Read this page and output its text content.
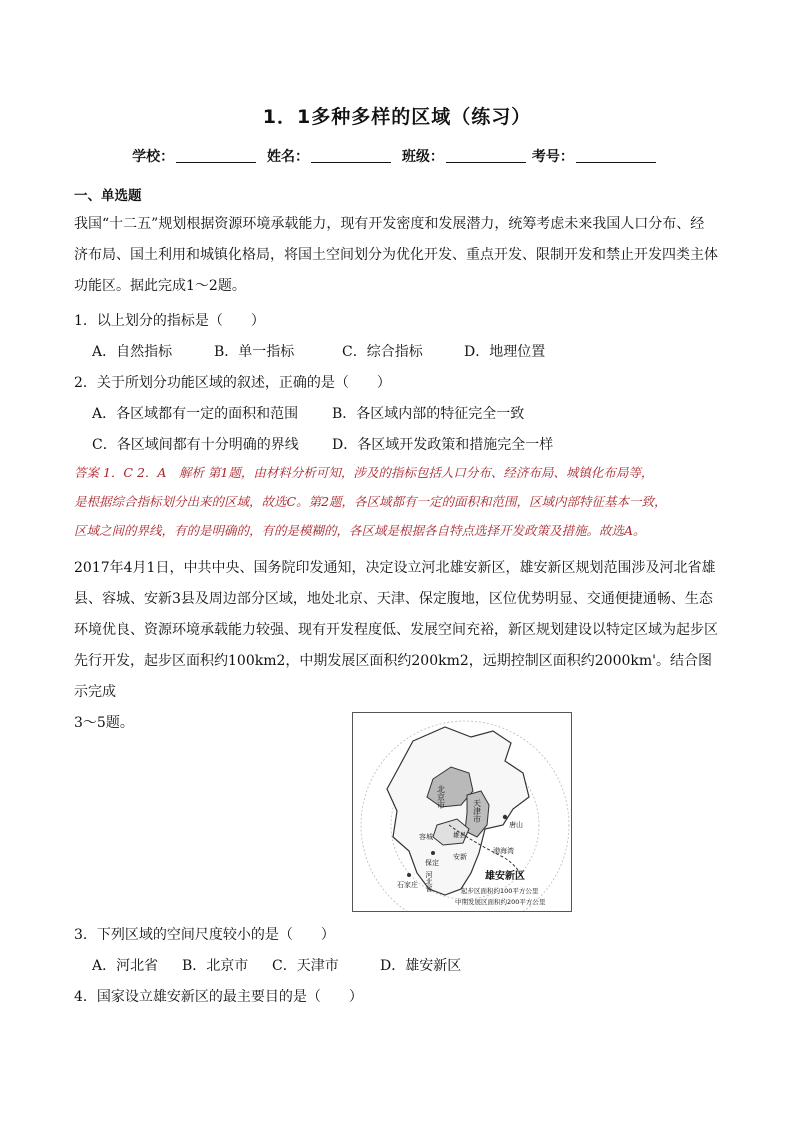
1．1多种多样的区域（练习）
学校：	姓名：	班级：	考号：
一、单选题
我国“十二五”规划根据资源环境承载能力，现有开发密度和发展潜力，统筹考虑未来我国人口分布、经
济布局、国土利用和城镇化格局，将国土空间划分为优化开发、重点开发、限制开发和禁止开发四类主体
功能区。据此完成1～2题。
1．以上划分的指标是（　　）
A．自然指标	B．单一指标	C．综合指标	D．地理位置
2．关于所划分功能区域的叙述，正确的是（　　）
A．各区域都有一定的面积和范围 B．各区域内部的特征完全一致
C．各区域间都有十分明确的界线 D．各区域开发政策和措施完全一样
答案 1．C 2．A　解析 第1题，由材料分析可知，涉及的指标包括人口分布、经济布局、城镇化布局等，
是根据综合指标划分出来的区域，故选C。第2题，各区域都有一定的面积和范围，区域内部特征基本一致，
区域之间的界线，有的是明确的，有的是模糊的，各区域是根据各自特点选择开发政策及措施。故选A。
2017年4月1日，中共中央、国务院印发通知，决定设立河北雄安新区，雄安新区规划范围涉及河北省雄
县、容城、安新3县及周边部分区域，地处北京、天津、保定腹地，区位优势明显、交通便捷通畅、生态
环境优良、资源环境承载能力较强、现有开发程度低、发展空间充裕，新区规划建设以特定区域为起步区
先行开发，起步区面积约100km2，中期发展区面积约200km2，远期控制区面积约2000km'。结合图示完成
3～5题。
北京市
天津市
唐山
容城	雄县
安新
保定
石家庄 河北省
渤海湾
雄安新区
起步区面积约100平方公里
中期发展区面积约200平方公里
3．下列区域的空间尺度较小的是（　　）
A．河北省 B．北京市 C．天津市	D．雄安新区
4．国家设立雄安新区的最主要目的是（　　）
